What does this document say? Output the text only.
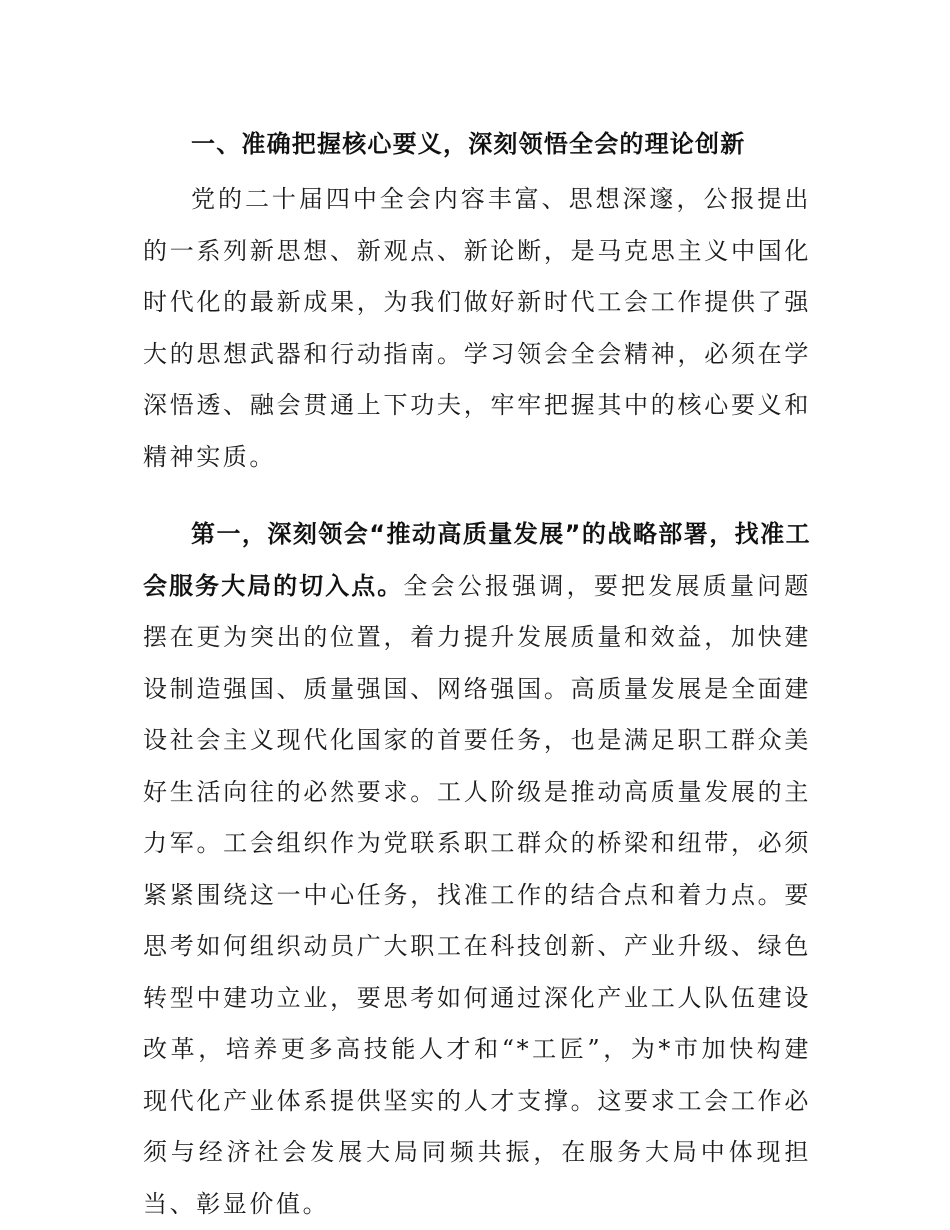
一、准确把握核心要义，深刻领悟全会的理论创新

党的二十届四中全会内容丰富、思想深邃，公报提出的一系列新思想、新观点、新论断，是马克思主义中国化时代化的最新成果，为我们做好新时代工会工作提供了强大的思想武器和行动指南。学习领会全会精神，必须在学深悟透、融会贯通上下功夫，牢牢把握其中的核心要义和精神实质。

第一，深刻领会“推动高质量发展”的战略部署，找准工会服务大局的切入点。全会公报强调，要把发展质量问题摆在更为突出的位置，着力提升发展质量和效益，加快建设制造强国、质量强国、网络强国。高质量发展是全面建设社会主义现代化国家的首要任务，也是满足职工群众美好生活向往的必然要求。工人阶级是推动高质量发展的主力军。工会组织作为党联系职工群众的桥梁和纽带，必须紧紧围绕这一中心任务，找准工作的结合点和着力点。要思考如何组织动员广大职工在科技创新、产业升级、绿色转型中建功立业，要思考如何通过深化产业工人队伍建设改革，培养更多高技能人才和“*工匠”，为*市加快构建现代化产业体系提供坚实的人才支撑。这要求工会工作必须与经济社会发展大局同频共振，在服务大局中体现担当、彰显价值。
